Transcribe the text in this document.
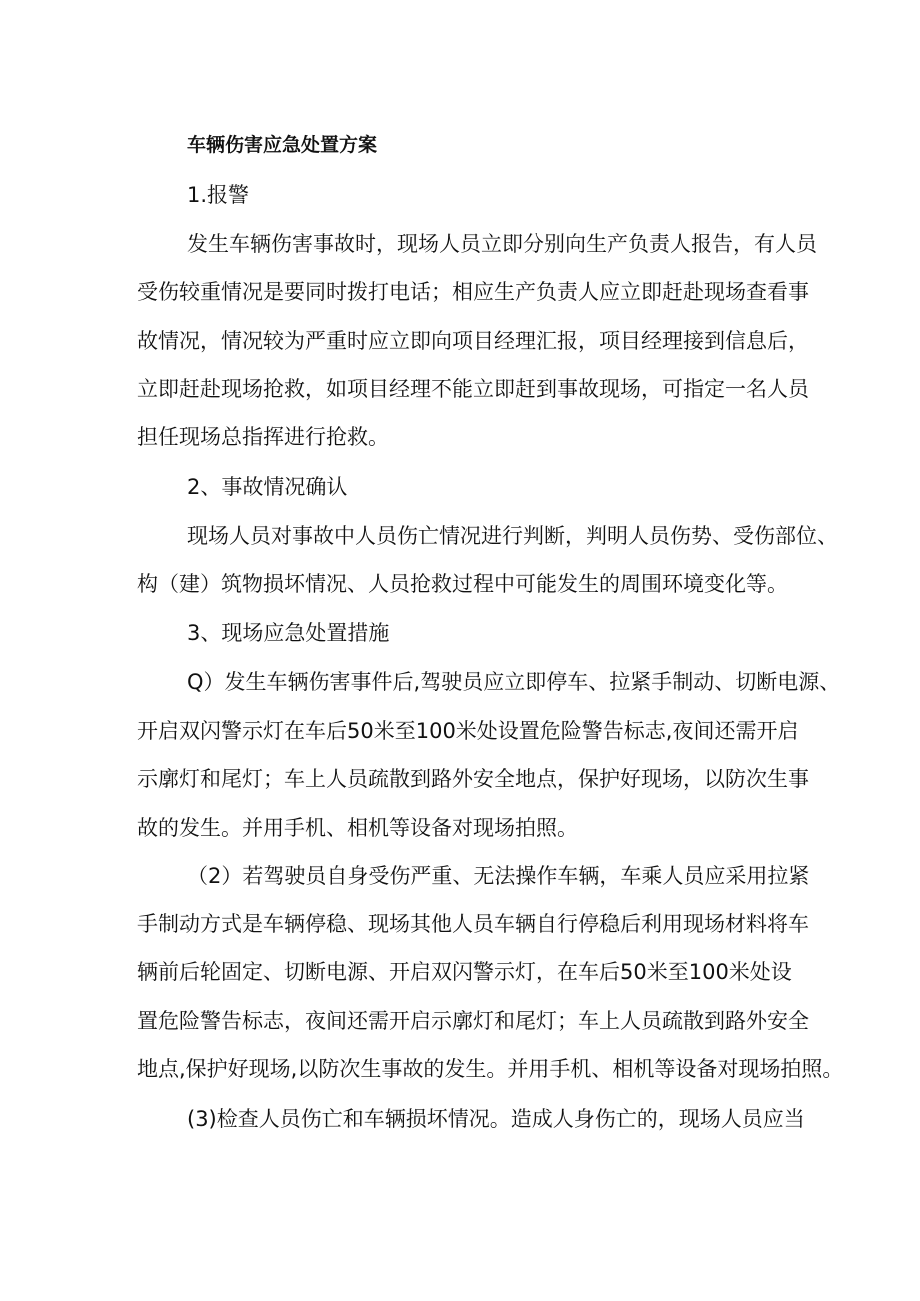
车辆伤害应急处置方案

1.报警

发生车辆伤害事故时，现场人员立即分别向生产负责人报告，有人员

受伤较重情况是要同时拨打电话；相应生产负责人应立即赶赴现场查看事

故情况，情况较为严重时应立即向项目经理汇报，项目经理接到信息后，

立即赶赴现场抢救，如项目经理不能立即赶到事故现场，可指定一名人员

担任现场总指挥进行抢救。

2、事故情况确认

现场人员对事故中人员伤亡情况进行判断，判明人员伤势、受伤部位、

构（建）筑物损坏情况、人员抢救过程中可能发生的周围环境变化等。

3、现场应急处置措施

Q）发生车辆伤害事件后,驾驶员应立即停车、拉紧手制动、切断电源、

开启双闪警示灯在车后50米至100米处设置危险警告标志,夜间还需开启

示廓灯和尾灯；车上人员疏散到路外安全地点，保护好现场，以防次生事

故的发生。并用手机、相机等设备对现场拍照。

（2）若驾驶员自身受伤严重、无法操作车辆，车乘人员应采用拉紧

手制动方式是车辆停稳、现场其他人员车辆自行停稳后利用现场材料将车

辆前后轮固定、切断电源、开启双闪警示灯，在车后50米至100米处设

置危险警告标志，夜间还需开启示廓灯和尾灯；车上人员疏散到路外安全

地点,保护好现场,以防次生事故的发生。并用手机、相机等设备对现场拍照。

(3)检查人员伤亡和车辆损坏情况。造成人身伤亡的，现场人员应当
